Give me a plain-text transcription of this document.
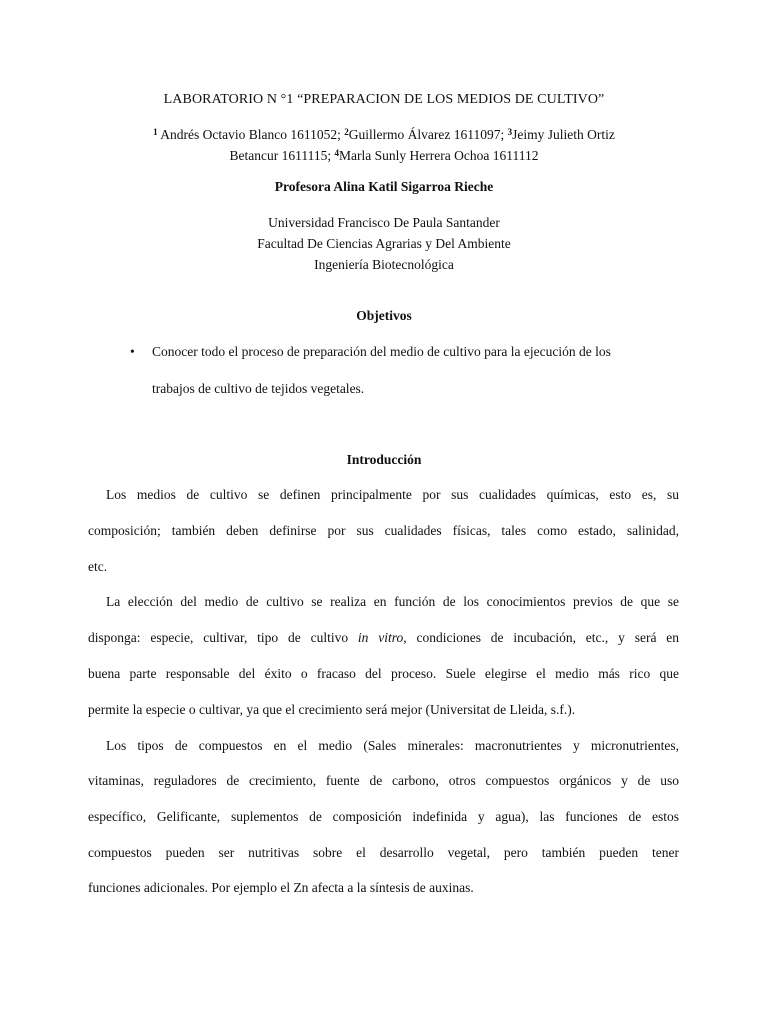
LABORATORIO N °1 “PREPARACION DE LOS MEDIOS DE CULTIVO”
$^1$ Andrés Octavio Blanco 1611052; $^2$Guillermo Álvarez 1611097; $^3$Jeimy Julieth Ortiz
Betancur 1611115; $^4$Marla Sunly Herrera Ochoa 1611112
Profesora Alina Katil Sigarroa Rieche
Universidad Francisco De Paula Santander
Facultad De Ciencias Agrarias y Del Ambiente
Ingeniería Biotecnológica
Objetivos
• Conocer todo el proceso de preparación del medio de cultivo para la ejecución de los
trabajos de cultivo de tejidos vegetales.
Introducción
Los medios de cultivo se definen principalmente por sus cualidades químicas, esto es, su
composición; también deben definirse por sus cualidades físicas, tales como estado, salinidad,
etc.
La elección del medio de cultivo se realiza en función de los conocimientos previos de que se
disponga: especie, cultivar, tipo de cultivo in vitro, condiciones de incubación, etc., y será en
buena parte responsable del éxito o fracaso del proceso. Suele elegirse el medio más rico que
permite la especie o cultivar, ya que el crecimiento será mejor (Universitat de Lleida, s.f.).
Los tipos de compuestos en el medio (Sales minerales: macronutrientes y micronutrientes,
vitaminas, reguladores de crecimiento, fuente de carbono, otros compuestos orgánicos y de uso
específico, Gelificante, suplementos de composición indefinida y agua), las funciones de estos
compuestos pueden ser nutritivas sobre el desarrollo vegetal, pero también pueden tener
funciones adicionales. Por ejemplo el Zn afecta a la síntesis de auxinas.
